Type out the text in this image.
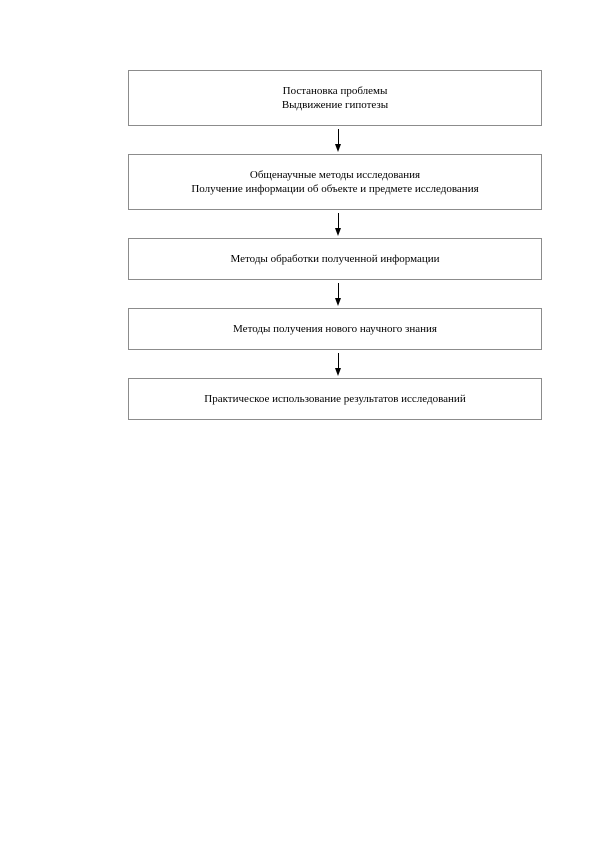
Постановка проблемы
Выдвижение гипотезы
Общенаучные методы исследования
Получение информации об объекте и предмете исследования
Методы обработки полученной информации
Методы получения нового научного знания
Практическое использование результатов исследований
